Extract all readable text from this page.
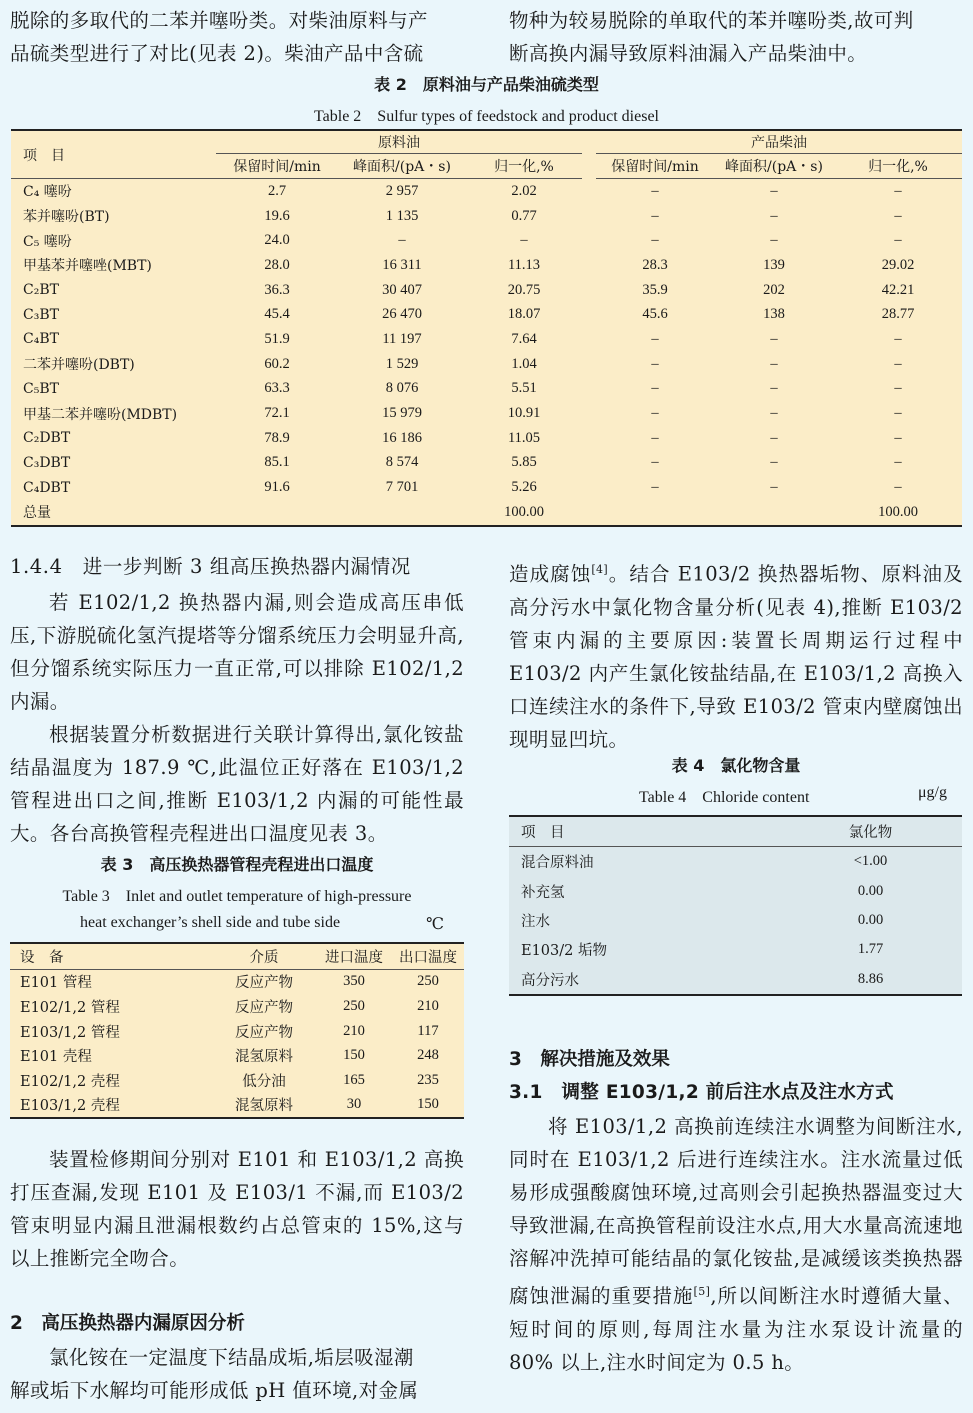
脱除的多取代的二苯并噻吩类。对柴油原料与产

品硫类型进行了对比(见表 2)。柴油产品中含硫

物种为较易脱除的单取代的苯并噻吩类,故可判

断高换内漏导致原料油漏入产品柴油中。

表 2　原料油与产品柴油硫类型

Table 2　Sulfur types of feedstock and product diesel

项　目	原料油				产品柴油		
	保留时间/min	峰面积/(pA・s)	归一化,%		保留时间/min	峰面积/(pA・s)	归一化,%
C₄ 噻吩	2.7	2 957	2.02		–	–	–
苯并噻吩(BT)	19.6	1 135	0.77		–	–	–
C₅ 噻吩	24.0	–	–		–	–	–
甲基苯并噻唑(MBT)	28.0	16 311	11.13		28.3	139	29.02
C₂BT	36.3	30 407	20.75		35.9	202	42.21
C₃BT	45.4	26 470	18.07		45.6	138	28.77
C₄BT	51.9	11 197	7.64		–	–	–
二苯并噻吩(DBT)	60.2	1 529	1.04		–	–	–
C₅BT	63.3	8 076	5.51		–	–	–
甲基二苯并噻吩(MDBT)	72.1	15 979	10.91		–	–	–
C₂DBT	78.9	16 186	11.05		–	–	–
C₃DBT	85.1	8 574	5.85		–	–	–
C₄DBT	91.6	7 701	5.26		–	–	–
总量			100.00				100.00

1.4.4　进一步判断 3 组高压换热器内漏情况

若 E102/1,2 换热器内漏,则会造成高压串低压,下游脱硫化氢汽提塔等分馏系统压力会明显升高,但分馏系统实际压力一直正常,可以排除 E102/1,2 内漏。

根据装置分析数据进行关联计算得出,氯化铵盐结晶温度为 187.9 ℃,此温位正好落在 E103/1,2 管程进出口之间,推断 E103/1,2 内漏的可能性最大。各台高换管程壳程进出口温度见表 3。

表 3　高压换热器管程壳程进出口温度

Table 3　Inlet and outlet temperature of high-pressure

heat exchanger’s shell side and tube side	℃
设　备	介质	进口温度	出口温度
E101 管程	反应产物	350	250
E102/1,2 管程	反应产物	250	210
E103/1,2 管程	反应产物	210	117
E101 壳程	混氢原料	150	248
E102/1,2 壳程	低分油	165	235
E103/1,2 壳程	混氢原料	30	150

装置检修期间分别对 E101 和 E103/1,2 高换打压查漏,发现 E101 及 E103/1 不漏,而 E103/2 管束明显内漏且泄漏根数约占总管束的 15%,这与以上推断完全吻合。

2　高压换热器内漏原因分析

氯化铵在一定温度下结晶成垢,垢层吸湿潮

解或垢下水解均可能形成低 pH 值环境,对金属

造成腐蚀[4]。结合 E103/2 换热器垢物、原料油及高分污水中氯化物含量分析(见表 4),推断 E103/2 管束内漏的主要原因:装置长周期运行过程中 E103/2 内产生氯化铵盐结晶,在 E103/1,2 高换入口连续注水的条件下,导致 E103/2 管束内壁腐蚀出现明显凹坑。

表 4　氯化物含量

Table 4　Chloride content	μg/g
项　目	氯化物
混合原料油	<1.00
补充氢	0.00
注水	0.00
E103/2 垢物	1.77
高分污水	8.86

3　解决措施及效果

3.1　调整 E103/1,2 前后注水点及注水方式

将 E103/1,2 高换前连续注水调整为间断注水,同时在 E103/1,2 后进行连续注水。注水流量过低易形成强酸腐蚀环境,过高则会引起换热器温变过大导致泄漏,在高换管程前设注水点,用大水量高流速地溶解冲洗掉可能结晶的氯化铵盐,是减缓该类换热器腐蚀泄漏的重要措施[5],所以间断注水时遵循大量、短时间的原则,每周注水量为注水泵设计流量的 80% 以上,注水时间定为 0.5 h。
